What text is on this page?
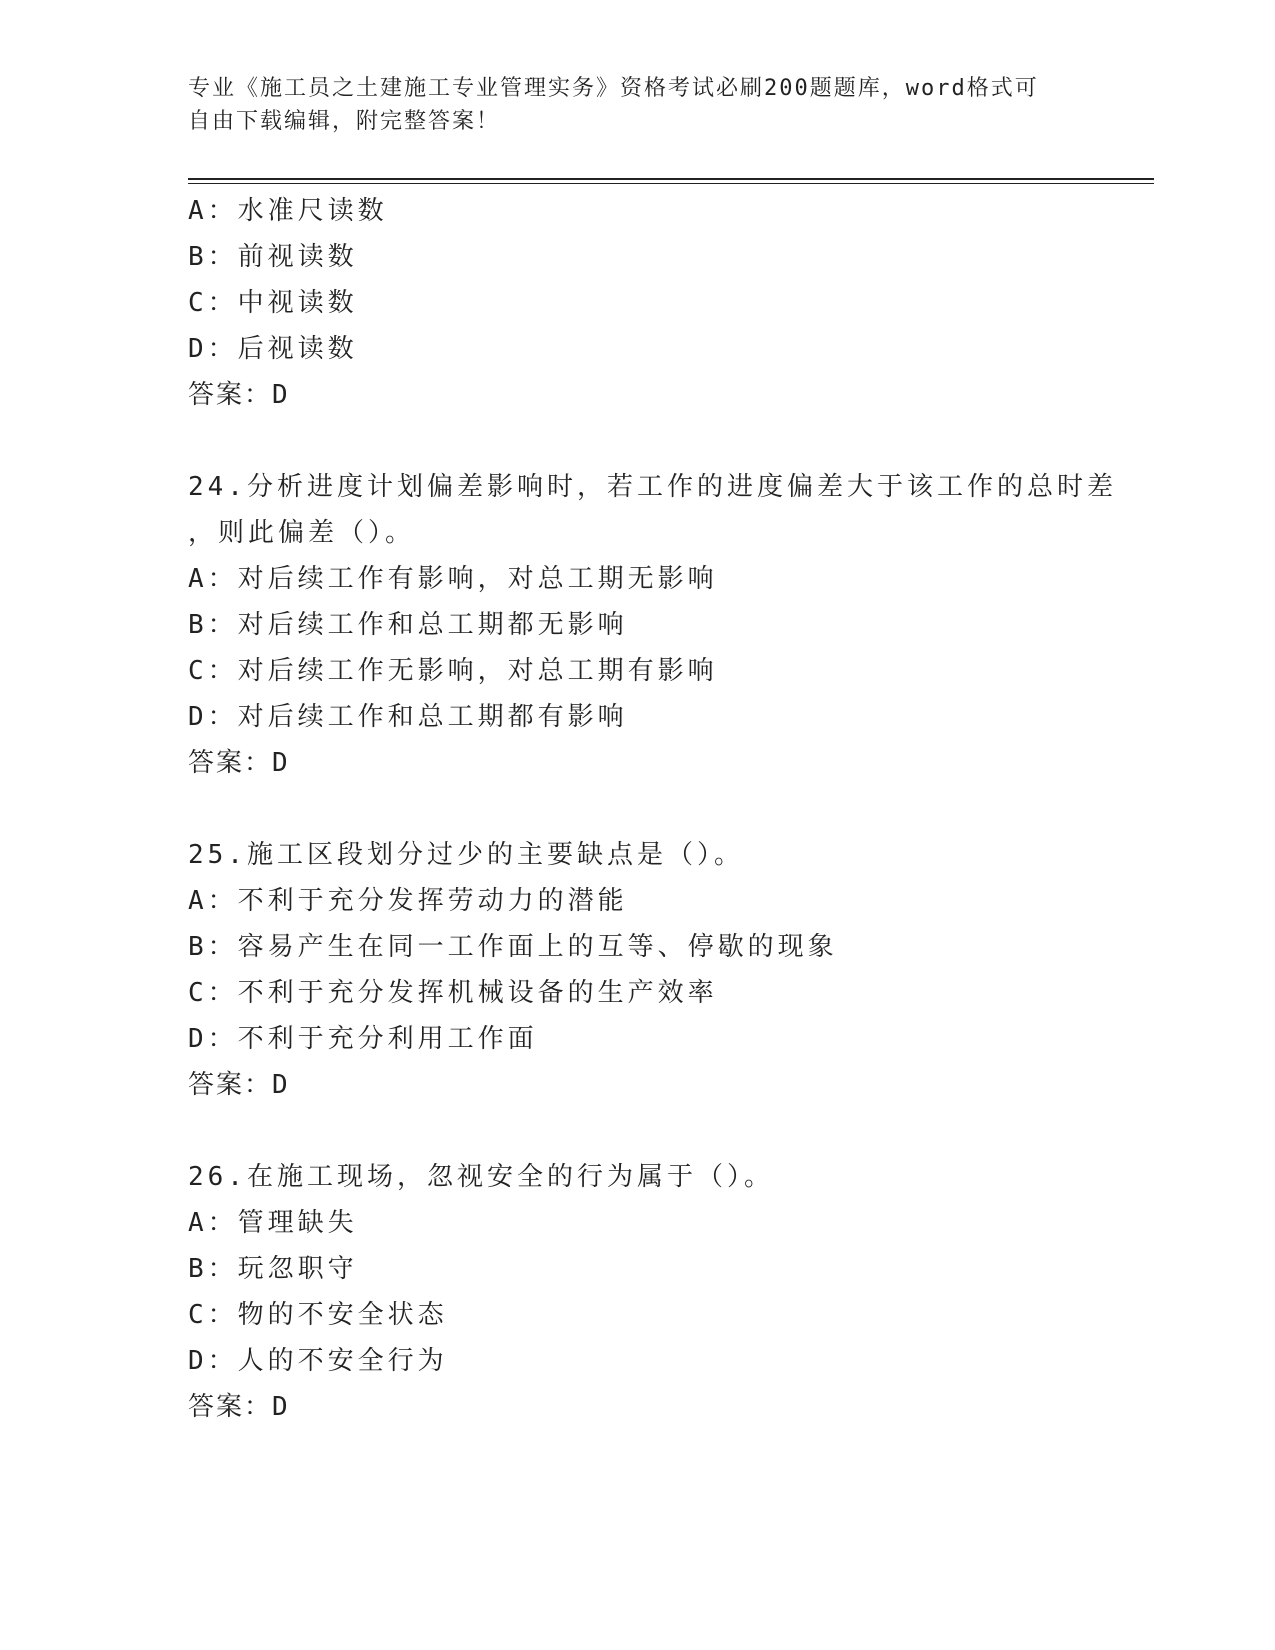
专业《施工员之土建施工专业管理实务》资格考试必刷200题题库，word格式可
自由下载编辑，附完整答案！
A：水准尺读数
B：前视读数
C：中视读数
D：后视读数
答案：D
24.分析进度计划偏差影响时，若工作的进度偏差大于该工作的总时差
，则此偏差（）。
A：对后续工作有影响，对总工期无影响
B：对后续工作和总工期都无影响
C：对后续工作无影响，对总工期有影响
D：对后续工作和总工期都有影响
答案：D
25.施工区段划分过少的主要缺点是（）。
A：不利于充分发挥劳动力的潜能
B：容易产生在同一工作面上的互等、停歇的现象
C：不利于充分发挥机械设备的生产效率
D：不利于充分利用工作面
答案：D
26.在施工现场，忽视安全的行为属于（）。
A：管理缺失
B：玩忽职守
C：物的不安全状态
D：人的不安全行为
答案：D
